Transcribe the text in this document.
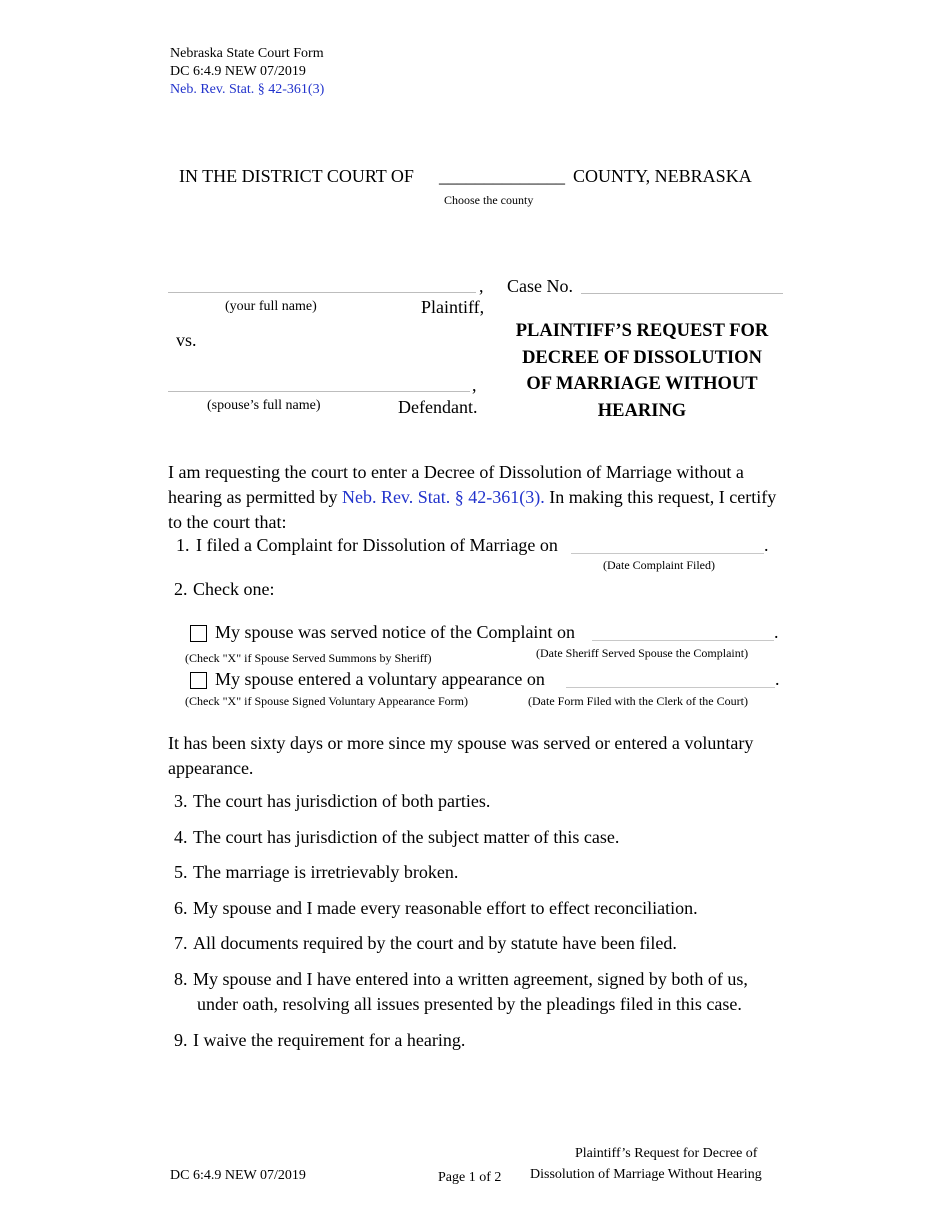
Nebraska State Court Form
DC 6:4.9 NEW 07/2019
Neb. Rev. Stat. § 42-361(3)
IN THE DISTRICT COURT OF ______________ COUNTY, NEBRASKA
Choose the county
,
(your full name)	Plaintiff,
vs.
,
(spouse’s full name)	Defendant.
Case No.
PLAINTIFF’S REQUEST FOR
DECREE OF DISSOLUTION
OF MARRIAGE WITHOUT
HEARING
I am requesting the court to enter a Decree of Dissolution of Marriage without a hearing as permitted by Neb. Rev. Stat. § 42-361(3). In making this request, I certify to the court that:
1. I filed a Complaint for Dissolution of Marriage on	.
(Date Complaint Filed)
2. Check one:
My spouse was served notice of the Complaint on	.
(Check "X" if Spouse Served Summons by Sheriff)	(Date Sheriff Served Spouse the Complaint)
My spouse entered a voluntary appearance on	.
(Check "X" if Spouse Signed Voluntary Appearance Form)	(Date Form Filed with the Clerk of the Court)
It has been sixty days or more since my spouse was served or entered a voluntary appearance.
3. The court has jurisdiction of both parties.
4. The court has jurisdiction of the subject matter of this case.
5. The marriage is irretrievably broken.
6. My spouse and I made every reasonable effort to effect reconciliation.
7. All documents required by the court and by statute have been filed.
8. My spouse and I have entered into a written agreement, signed by both of us,
under oath, resolving all issues presented by the pleadings filed in this case.
9. I waive the requirement for a hearing.
DC 6:4.9 NEW 07/2019	Page 1 of 2
Plaintiff’s Request for Decree of
Dissolution of Marriage Without Hearing
